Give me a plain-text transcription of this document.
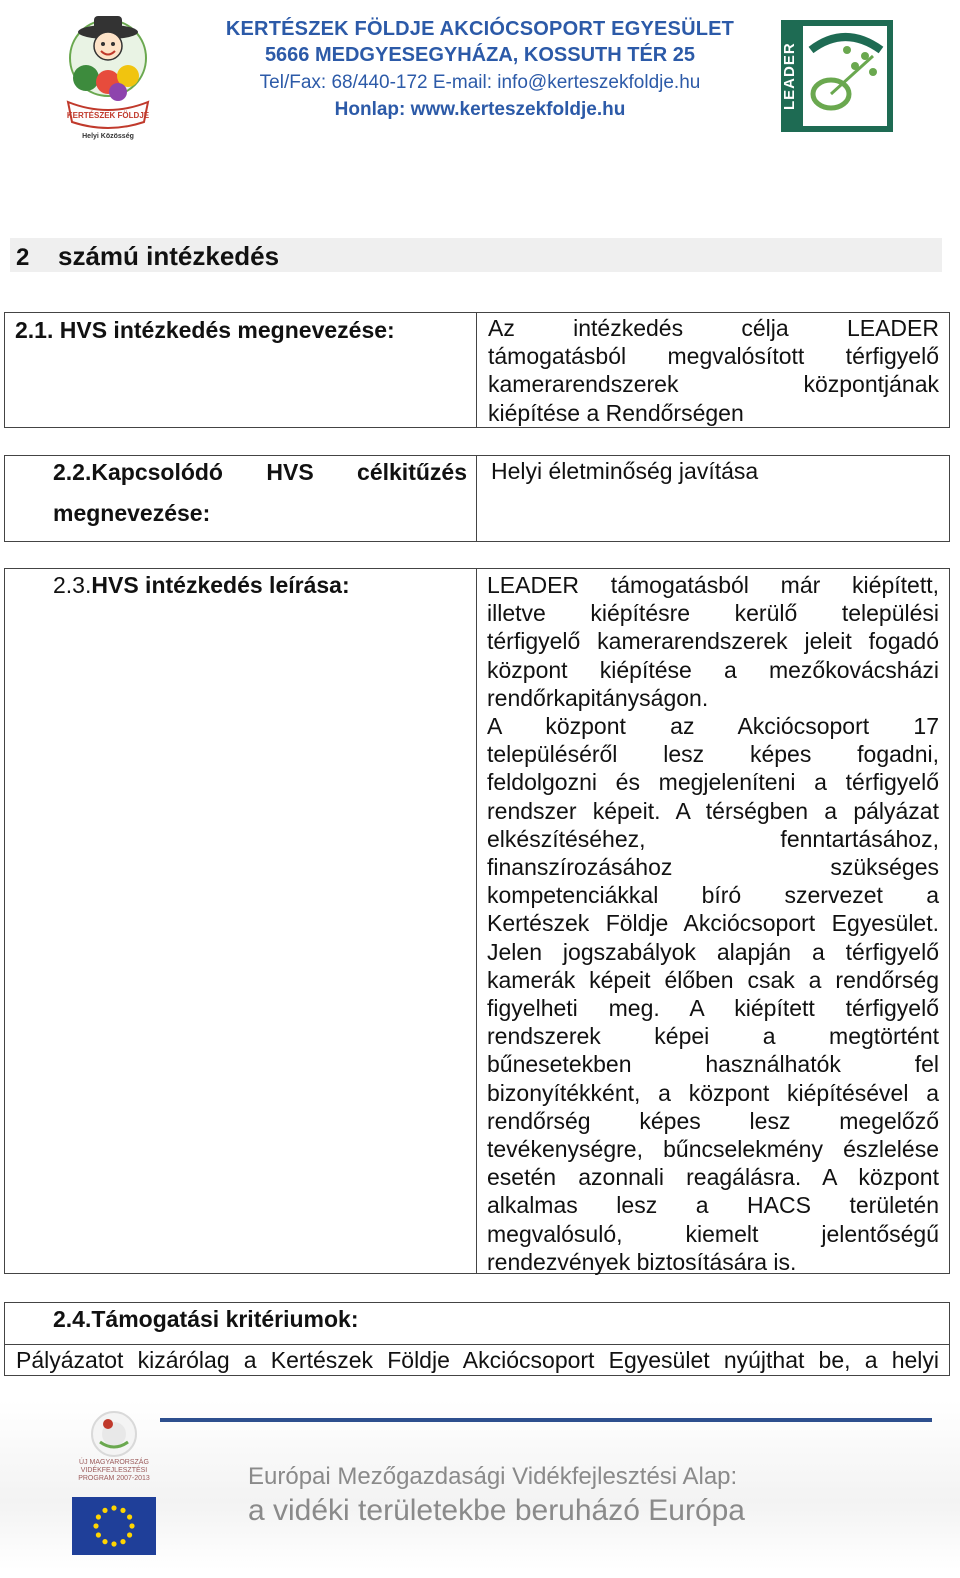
KERTÉSZEK FÖLDJE
Helyi Közösség
KERTÉSZEK FÖLDJE AKCIÓCSOPORT EGYESÜLET
5666 MEDGYESEGYHÁZA, KOSSUTH TÉR 25
Tel/Fax: 68/440-172 E-mail: info@kerteszekfoldje.hu
Honlap: www.kerteszekfoldje.hu	LEADER
2 számú intézkedés
2.1. HVS intézkedés megnevezése:	Az intézkedés célja LEADER
támogatásból megvalósított térfigyelő
kamerarendszerek központjának
kiépítése a Rendőrségen
2.2.Kapcsolódó HVS célkitűzés
megnevezése:
Helyi életminőség javítása
2.3.HVS intézkedés leírása:	LEADER támogatásból már kiépített,
illetve kiépítésre kerülő települési
térfigyelő kamerarendszerek jeleit fogadó
központ kiépítése a mezőkovácsházi
rendőrkapitányságon.
A központ az Akciócsoport 17
településéről lesz képes fogadni,
feldolgozni és megjeleníteni a térfigyelő
rendszer képeit. A térségben a pályázat
elkészítéséhez, fenntartásához,
finanszírozásához szükséges
kompetenciákkal bíró szervezet a
Kertészek Földje Akciócsoport Egyesület.
Jelen jogszabályok alapján a térfigyelő
kamerák képeit élőben csak a rendőrség
figyelheti meg. A kiépített térfigyelő
rendszerek képei a megtörtént
bűnesetekben használhatók fel
bizonyítékként, a központ kiépítésével a
rendőrség képes lesz megelőző
tevékenységre, bűncselekmény észlelése
esetén azonnali reagálásra. A központ
alkalmas lesz a HACS területén
megvalósuló, kiemelt jelentőségű
rendezvények biztosítására is.
2.4.Támogatási kritériumok:
Pályázatot kizárólag a Kertészek Földje Akciócsoport Egyesület nyújthat be, a helyi
ÚJ MAGYARORSZÁG VIDÉKFEJLESZTÉSI PROGRAM 2007-2013	Európai Mezőgazdasági Vidékfejlesztési Alap:
a vidéki területekbe beruházó Európa
